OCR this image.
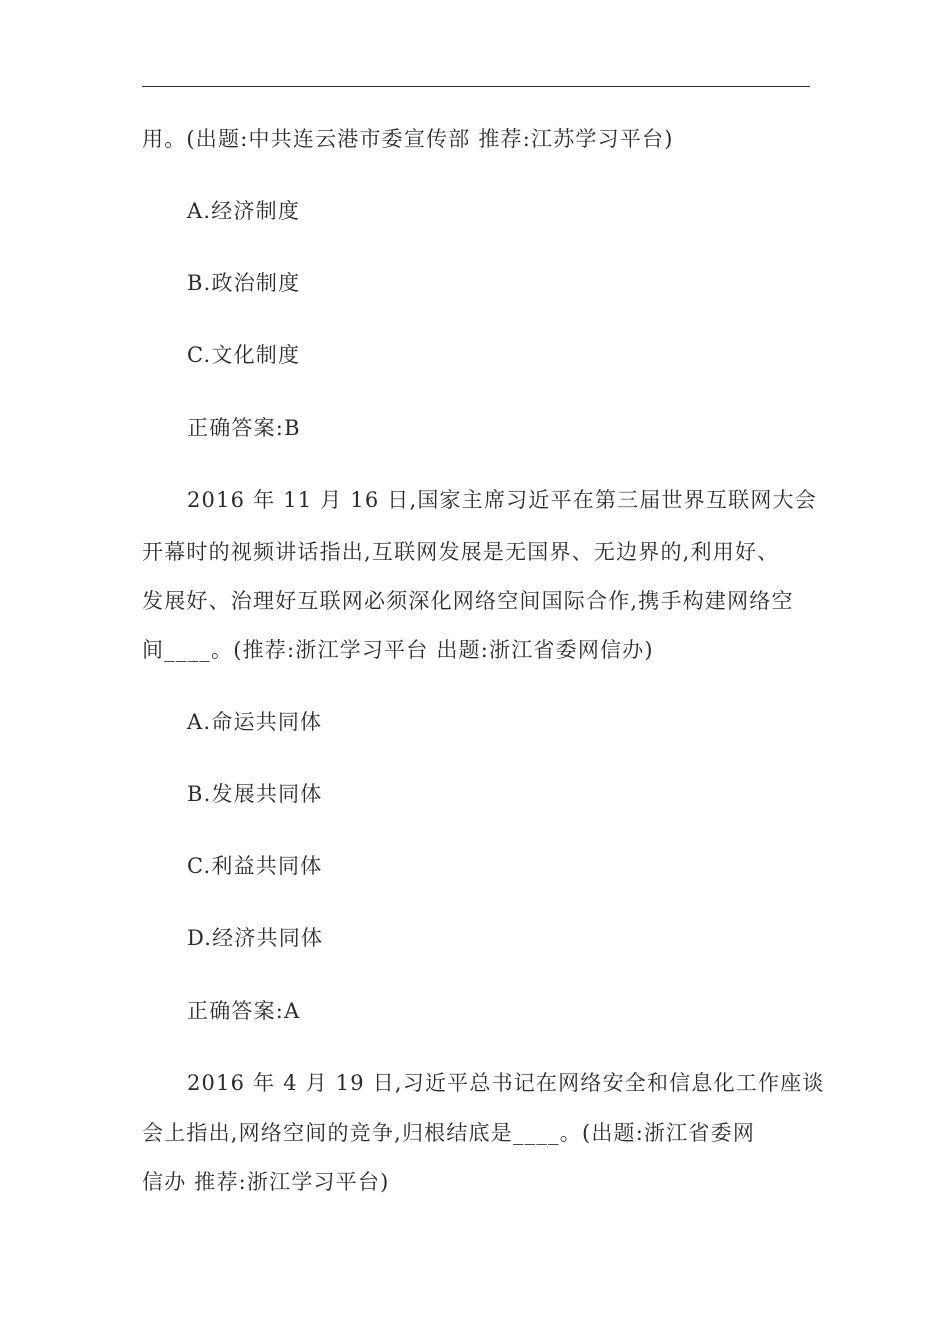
用。(出题:中共连云港市委宣传部 推荐:江苏学习平台)
A.经济制度
B.政治制度
C.文化制度
正确答案:B
2016 年 11 月 16 日,国家主席习近平在第三届世界互联网大会
开幕时的视频讲话指出,互联网发展是无国界、无边界的,利用好、
发展好、治理好互联网必须深化网络空间国际合作,携手构建网络空
间____。(推荐:浙江学习平台 出题:浙江省委网信办)
A.命运共同体
B.发展共同体
C.利益共同体
D.经济共同体
正确答案:A
2016 年 4 月 19 日,习近平总书记在网络安全和信息化工作座谈
会上指出,网络空间的竞争,归根结底是____。(出题:浙江省委网
信办 推荐:浙江学习平台)
